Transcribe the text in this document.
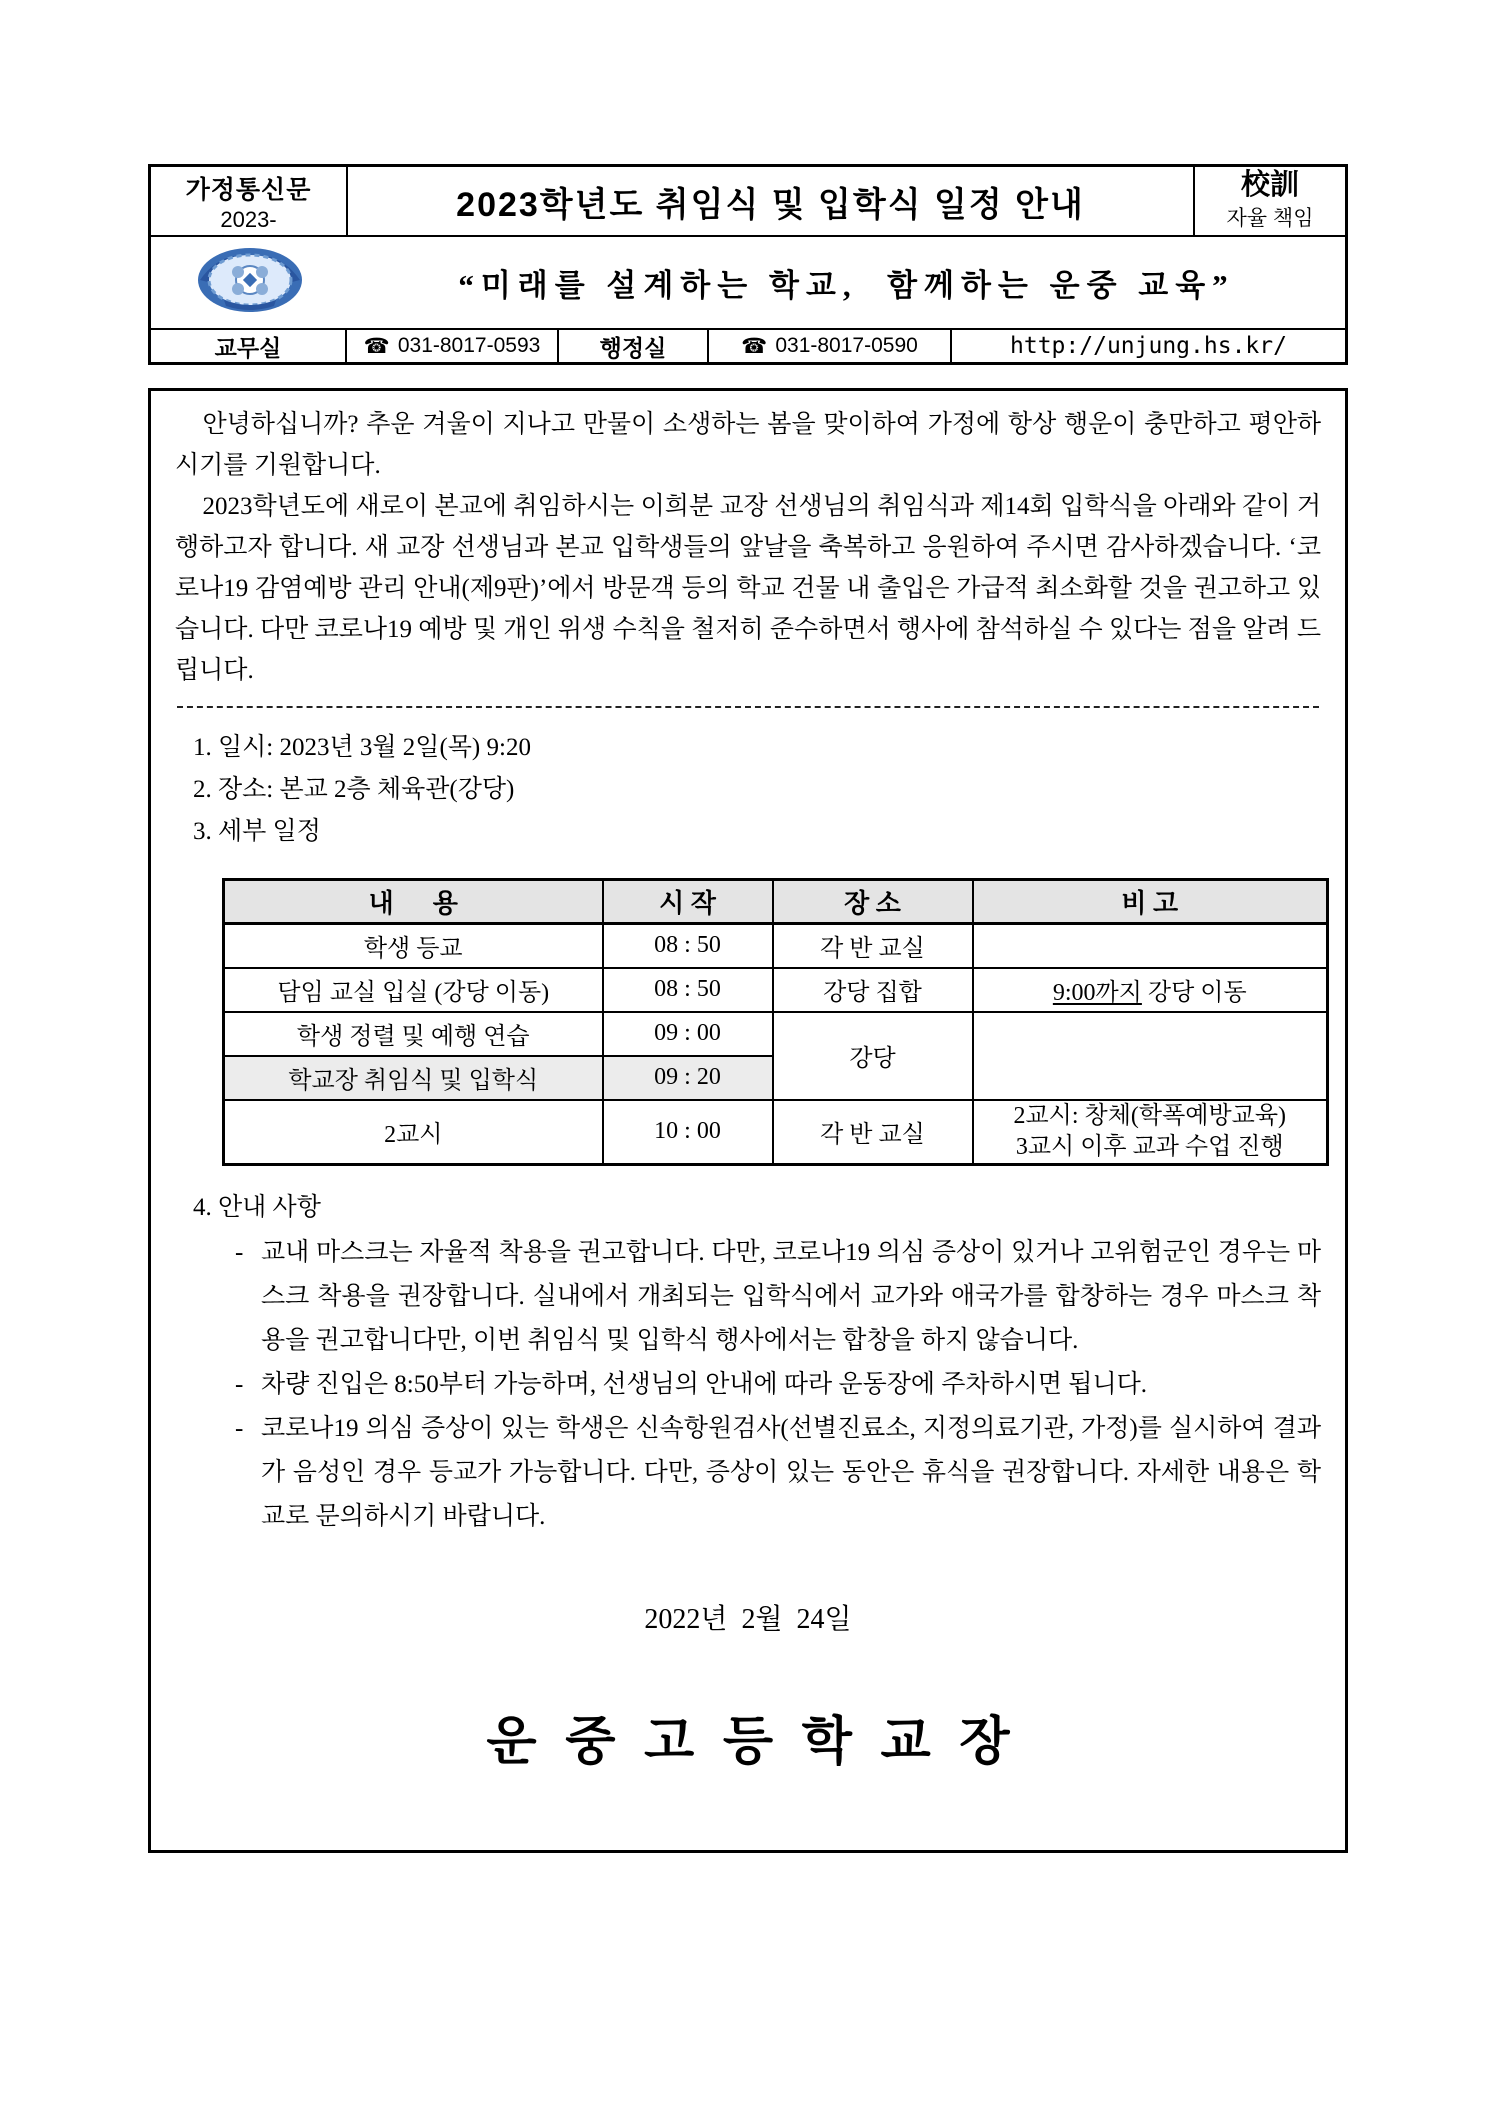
가정통신문
2023-	2023학년도 취임식 및 입학식 일정 안내
校訓
자율 책임
“미래를 설계하는 학교,  함께하는 운중 교육”
교무실	☎ 031-8017-0593	행정실	☎ 031-8017-0590	http://unjung.hs.kr/

안녕하십니까? 추운 겨울이 지나고 만물이 소생하는 봄을 맞이하여 가정에 항상 행운이 충만하고 평안하시기를 기원합니다.

2023학년도에 새로이 본교에 취임하시는 이희분 교장 선생님의 취임식과 제14회 입학식을 아래와 같이 거행하고자 합니다. 새 교장 선생님과 본교 입학생들의 앞날을 축복하고 응원하여 주시면 감사하겠습니다. ‘코로나19 감염예방 관리 안내(제9판)’에서 방문객 등의 학교 건물 내 출입은 가급적 최소화할 것을 권고하고 있습니다. 다만 코로나19 예방 및 개인 위생 수칙을 철저히 준수하면서 행사에 참석하실 수 있다는 점을 알려 드립니다.

1. 일시: 2023년 3월 2일(목) 9:20
2. 장소: 본교 2층 체육관(강당)
3. 세부 일정
내      용	시 작	장 소	비 고
학생 등교	08 : 50	각 반 교실	
담임 교실 입실 (강당 이동)	08 : 50	강당 집합	9:00까지 강당 이동
학생 정렬 및 예행 연습	09 : 00	강당	
학교장 취임식 및 입학식	09 : 20		
2교시	10 : 00	각 반 교실	2교시: 창체(학폭예방교육)
3교시 이후 교과 수업 진행
4. 안내 사항
- 교내 마스크는 자율적 착용을 권고합니다. 다만, 코로나19 의심 증상이 있거나 고위험군인 경우는 마스크 착용을 권장합니다. 실내에서 개최되는 입학식에서 교가와 애국가를 합창하는 경우 마스크 착용을 권고합니다만, 이번 취임식 및 입학식 행사에서는 합창을 하지 않습니다.
- 차량 진입은 8:50부터 가능하며, 선생님의 안내에 따라 운동장에 주차하시면 됩니다.
- 코로나19 의심 증상이 있는 학생은 신속항원검사(선별진료소, 지정의료기관, 가정)를 실시하여 결과가 음성인 경우 등교가 가능합니다. 다만, 증상이 있는 동안은 휴식을 권장합니다. 자세한 내용은 학교로 문의하시기 바랍니다.
2022년  2월  24일
운중고등학교장
